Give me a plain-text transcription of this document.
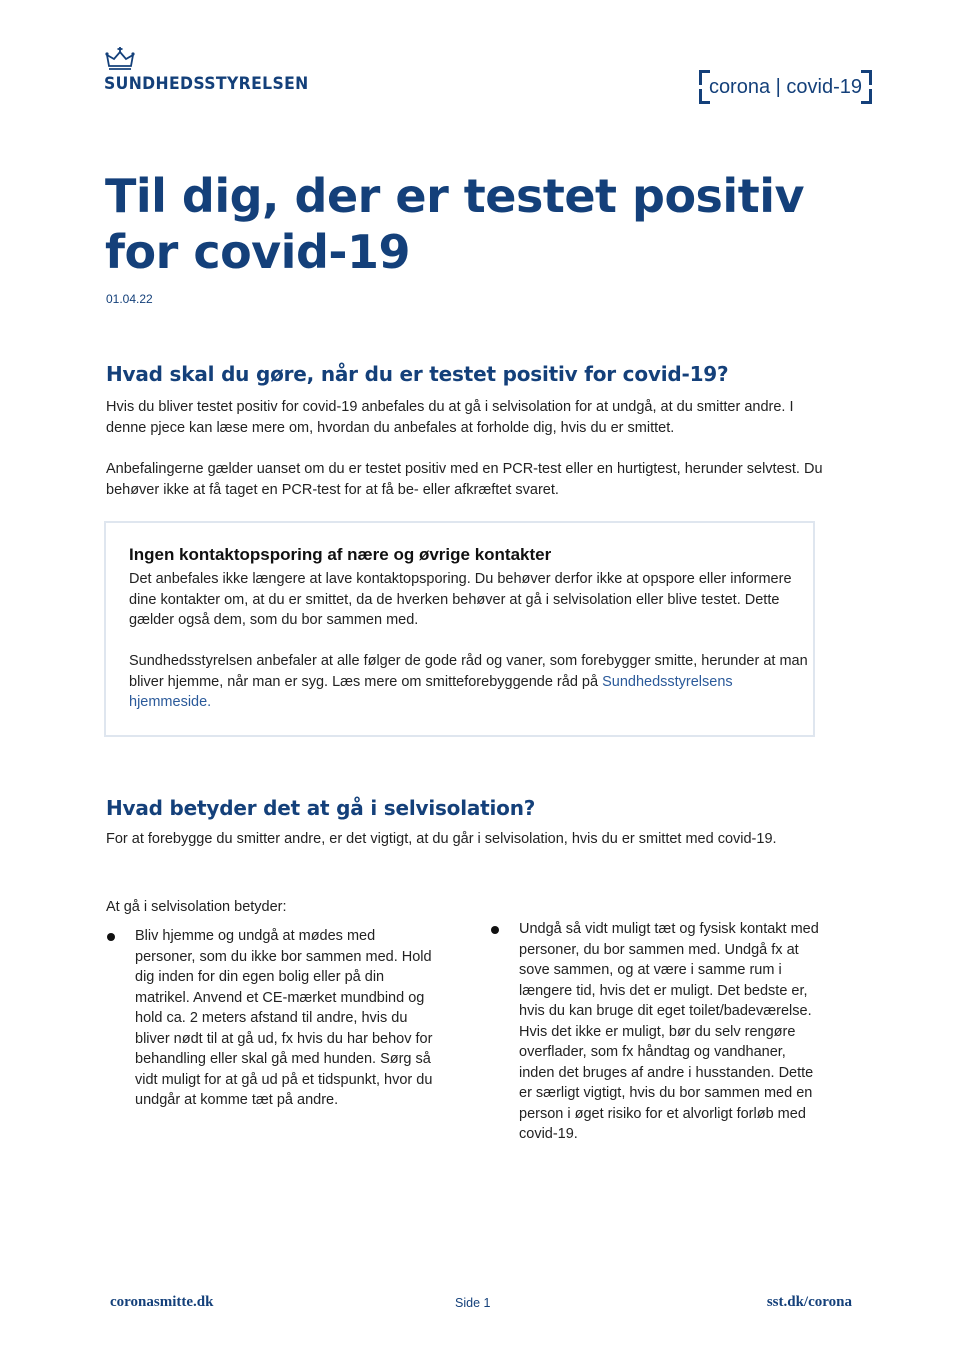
SUNDHEDSSTYRELSEN	corona | covid-19
Til dig, der er testet positiv
for covid-19
01.04.22
Hvad skal du gøre, når du er testet positiv for covid-19?
Hvis du bliver testet positiv for covid-19 anbefales du at gå i selvisolation for at undgå, at du smitter andre. I denne pjece kan læse mere om, hvordan du anbefales at forholde dig, hvis du er smittet.
Anbefalingerne gælder uanset om du er testet positiv med en PCR-test eller en hurtigtest, herunder selvtest. Du behøver ikke at få taget en PCR-test for at få be- eller afkræftet svaret.
Ingen kontaktopsporing af nære og øvrige kontakter
Det anbefales ikke længere at lave kontaktopsporing. Du behøver derfor ikke at opspore eller informere dine kontakter om, at du er smittet, da de hverken behøver at gå i selvisolation eller blive testet. Dette gælder også dem, som du bor sammen med.
Sundhedsstyrelsen anbefaler at alle følger de gode råd og vaner, som forebygger smitte, herunder at man bliver hjemme, når man er syg. Læs mere om smitteforebyggende råd på Sundhedsstyrelsens hjemmeside.
Hvad betyder det at gå i selvisolation?
For at forebygge du smitter andre, er det vigtigt, at du går i selvisolation, hvis du er smittet med covid-19.
At gå i selvisolation betyder:
Bliv hjemme og undgå at mødes med personer, som du ikke bor sammen med. Hold dig inden for din egen bolig eller på din matrikel. Anvend et CE-mærket mundbind og hold ca. 2 meters afstand til andre, hvis du bliver nødt til at gå ud, fx hvis du har behov for behandling eller skal gå med hunden. Sørg så vidt muligt for at gå ud på et tidspunkt, hvor du undgår at komme tæt på andre.
Undgå så vidt muligt tæt og fysisk kontakt med personer, du bor sammen med. Undgå fx at sove sammen, og at være i samme rum i længere tid, hvis det er muligt. Det bedste er, hvis du kan bruge dit eget toilet/badeværelse. Hvis det ikke er muligt, bør du selv rengøre overflader, som fx håndtag og vandhaner, inden det bruges af andre i husstanden. Dette er særligt vigtigt, hvis du bor sammen med en person i øget risiko for et alvorligt forløb med covid-19.
coronasmitte.dk	Side 1	sst.dk/corona
